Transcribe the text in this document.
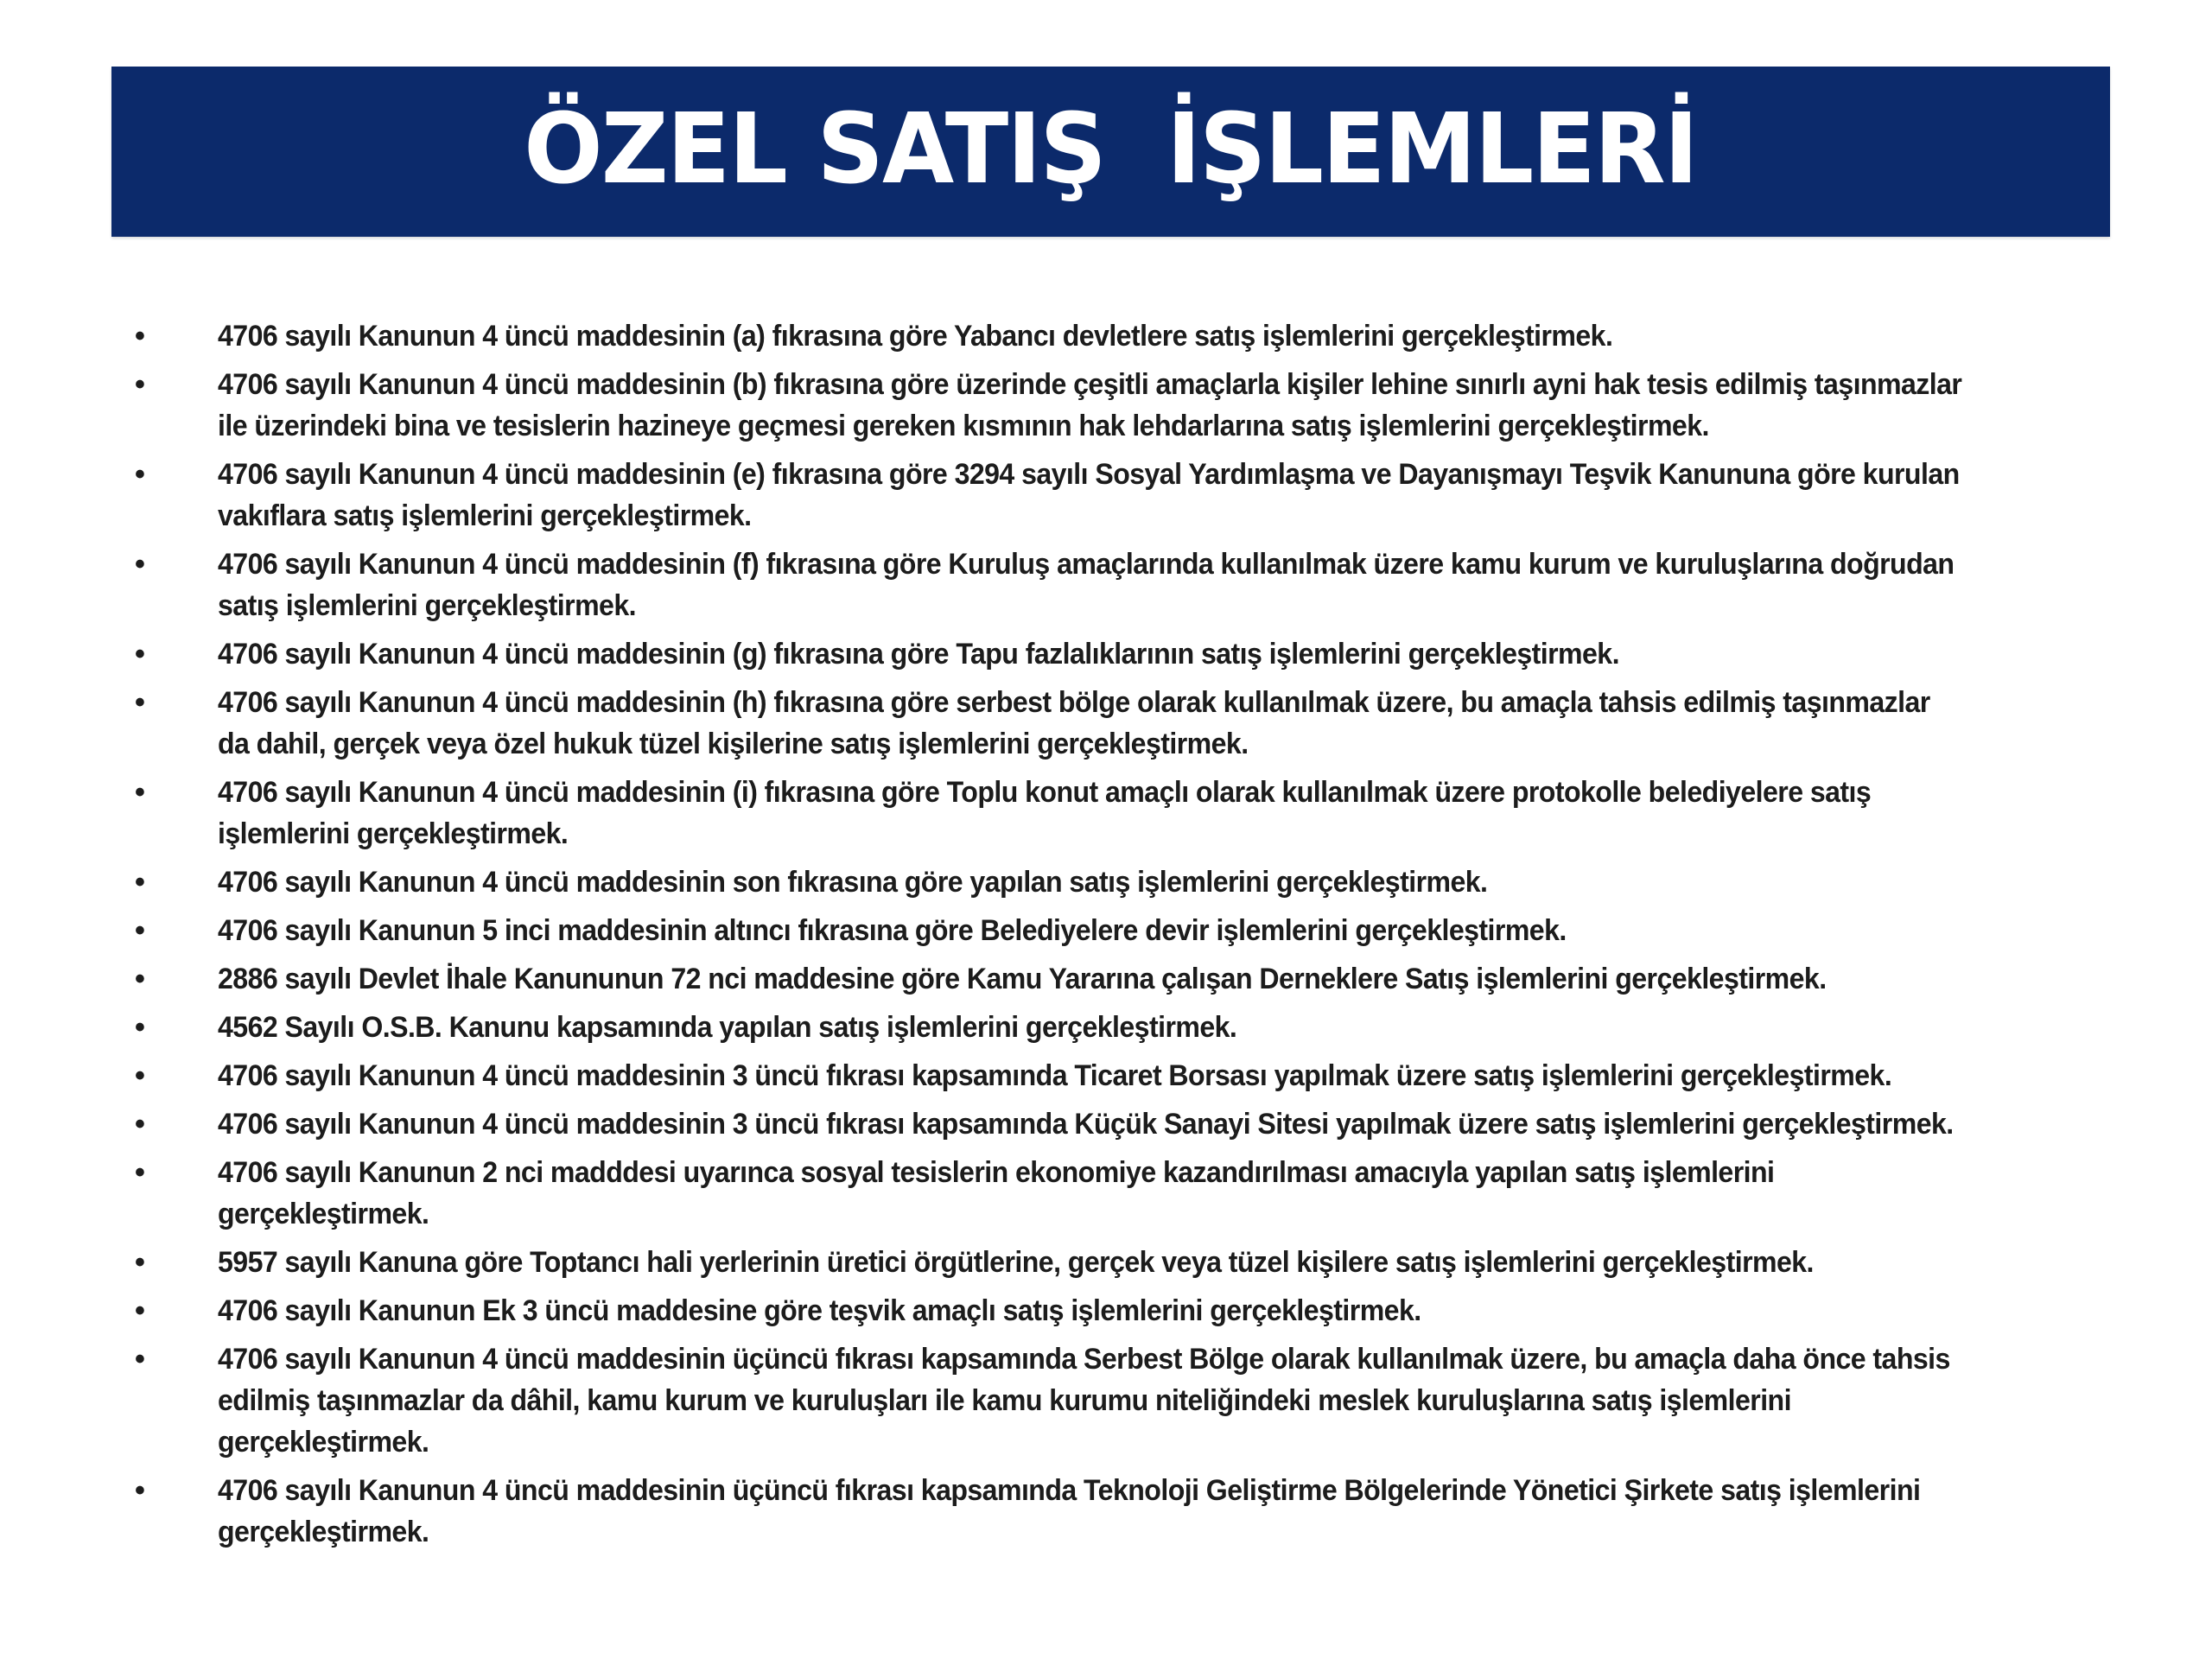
ÖZEL SATIŞ  İŞLEMLERİ
•	4706 sayılı Kanunun 4 üncü maddesinin (a) fıkrasına göre Yabancı devletlere satış işlemlerini gerçekleştirmek.
•	4706 sayılı Kanunun 4 üncü maddesinin (b) fıkrasına göre üzerinde çeşitli amaçlarla kişiler lehine sınırlı ayni hak tesis edilmiş taşınmazlar ile üzerindeki bina ve tesislerin hazineye geçmesi gereken kısmının hak lehdarlarına satış işlemlerini gerçekleştirmek.
•	4706 sayılı Kanunun 4 üncü maddesinin (e) fıkrasına göre 3294 sayılı Sosyal Yardımlaşma ve Dayanışmayı Teşvik Kanununa göre kurulan vakıflara satış işlemlerini gerçekleştirmek.
•	4706 sayılı Kanunun 4 üncü maddesinin (f) fıkrasına göre Kuruluş amaçlarında kullanılmak üzere kamu kurum ve kuruluşlarına doğrudan satış işlemlerini gerçekleştirmek.
•	4706 sayılı Kanunun 4 üncü maddesinin (g) fıkrasına göre Tapu fazlalıklarının satış işlemlerini gerçekleştirmek.
•	4706 sayılı Kanunun 4 üncü maddesinin (h) fıkrasına göre serbest bölge olarak kullanılmak üzere, bu amaçla tahsis edilmiş taşınmazlar da dahil, gerçek veya özel hukuk tüzel kişilerine satış işlemlerini gerçekleştirmek.
•	4706 sayılı Kanunun 4 üncü maddesinin (i) fıkrasına göre Toplu konut amaçlı olarak kullanılmak üzere protokolle belediyelere satış işlemlerini gerçekleştirmek.
•	4706 sayılı Kanunun 4 üncü maddesinin son fıkrasına göre yapılan satış işlemlerini gerçekleştirmek.
•	4706 sayılı Kanunun 5 inci maddesinin altıncı fıkrasına göre Belediyelere devir işlemlerini gerçekleştirmek.
•	2886 sayılı Devlet İhale Kanununun 72 nci maddesine göre Kamu Yararına çalışan Derneklere Satış işlemlerini gerçekleştirmek.
•	4562 Sayılı O.S.B. Kanunu kapsamında yapılan satış işlemlerini gerçekleştirmek.
•	4706 sayılı Kanunun 4 üncü maddesinin 3 üncü fıkrası kapsamında Ticaret Borsası yapılmak üzere satış işlemlerini gerçekleştirmek.
•	4706 sayılı Kanunun 4 üncü maddesinin 3 üncü fıkrası kapsamında Küçük Sanayi Sitesi yapılmak üzere satış işlemlerini gerçekleştirmek.
•	4706 sayılı Kanunun 2 nci madddesi uyarınca sosyal tesislerin ekonomiye kazandırılması amacıyla yapılan satış işlemlerini gerçekleştirmek.
•	5957 sayılı Kanuna göre Toptancı hali yerlerinin üretici örgütlerine, gerçek veya tüzel kişilere satış işlemlerini gerçekleştirmek.
•	4706 sayılı Kanunun Ek 3 üncü maddesine göre teşvik amaçlı satış işlemlerini gerçekleştirmek.
•	4706 sayılı Kanunun 4 üncü maddesinin üçüncü fıkrası kapsamında Serbest Bölge olarak kullanılmak üzere, bu amaçla daha önce tahsis edilmiş taşınmazlar da dâhil, kamu kurum ve kuruluşları ile kamu kurumu niteliğindeki meslek kuruluşlarına satış işlemlerini gerçekleştirmek.
•	4706 sayılı Kanunun 4 üncü maddesinin üçüncü fıkrası kapsamında Teknoloji Geliştirme Bölgelerinde Yönetici Şirkete satış işlemlerini gerçekleştirmek.
